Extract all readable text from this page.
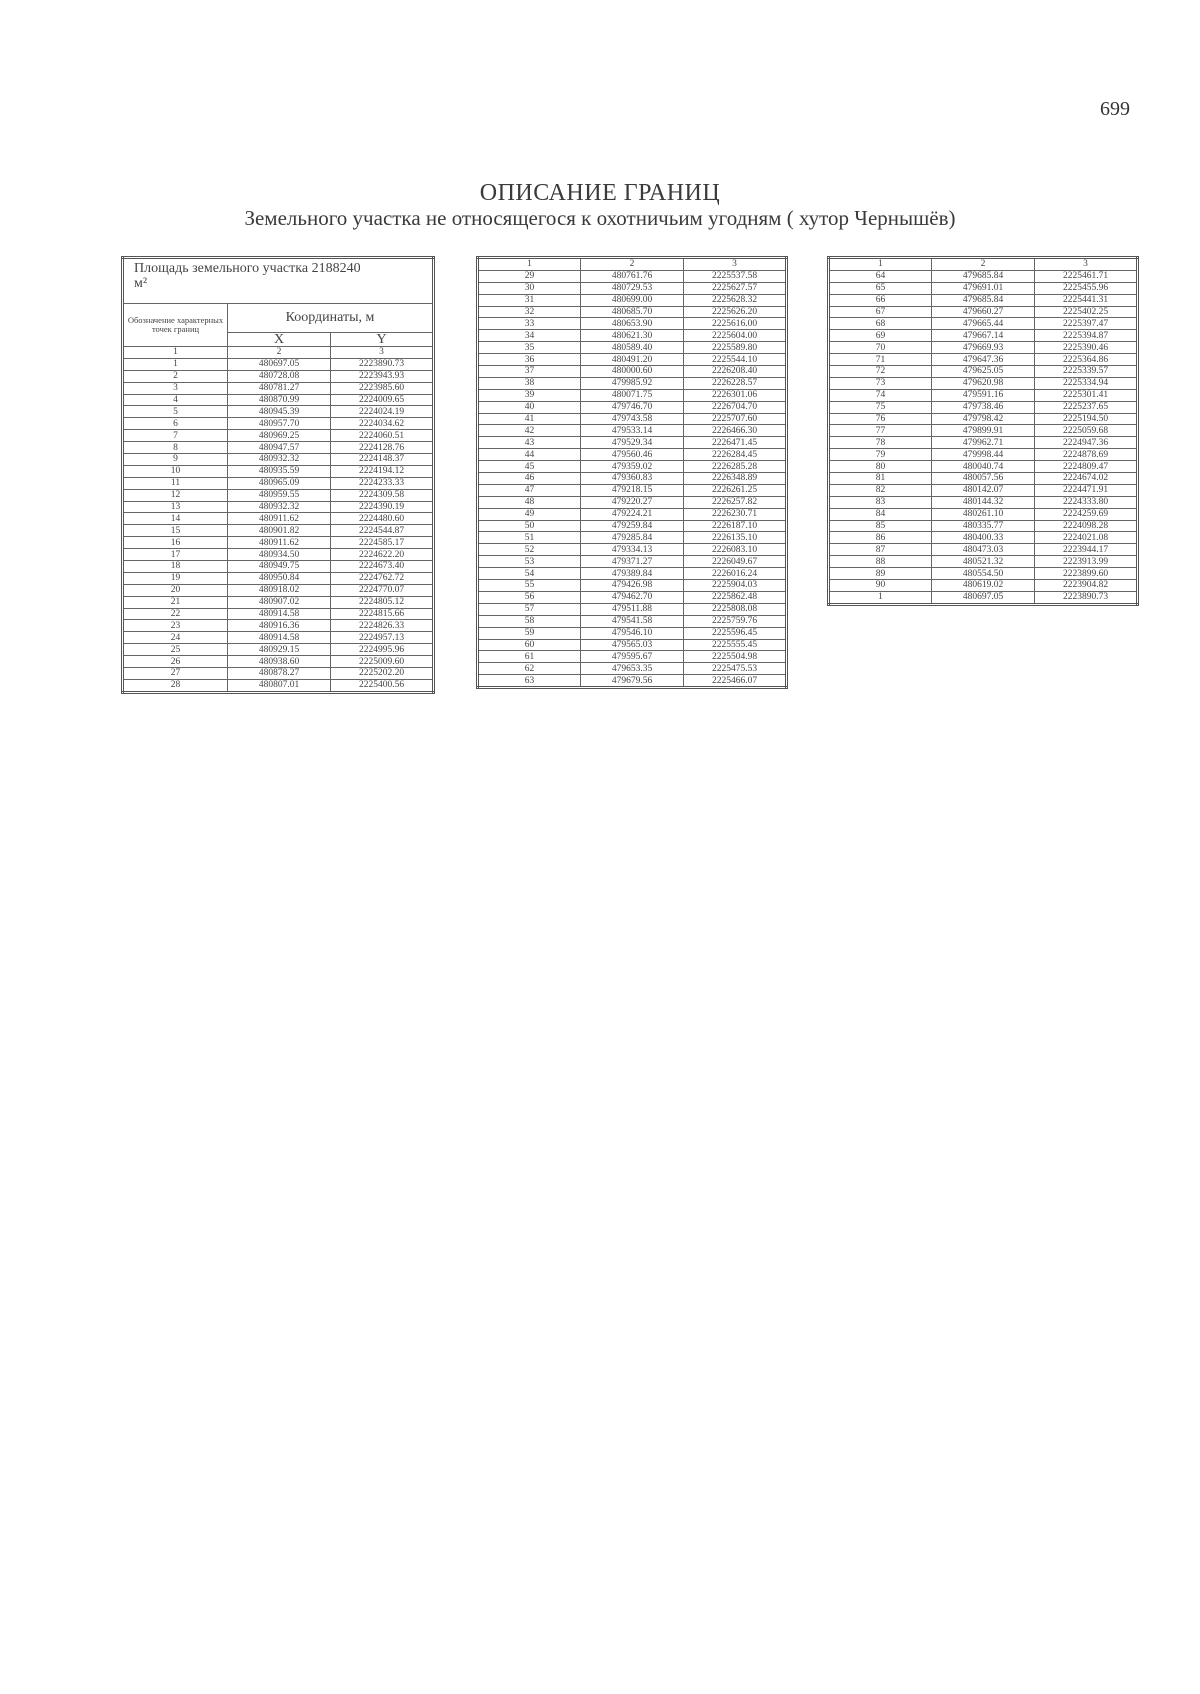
699
ОПИСАНИЕ ГРАНИЦ
Земельного участка не относящегося к охотничьим угодням ( хутор Чернышёв)
Площадь земельного участка 2188240
м²		
Обозначение характерных точек границ	Координаты, м	
	X	Y
1	2	3
1	480697.05	2223890.73
2	480728.08	2223943.93
3	480781.27	2223985.60
4	480870.99	2224009.65
5	480945.39	2224024.19
6	480957.70	2224034.62
7	480969.25	2224060.51
8	480947.57	2224128.76
9	480932.32	2224148.37
10	480935.59	2224194.12
11	480965.09	2224233.33
12	480959.55	2224309.58
13	480932.32	2224390.19
14	480911.62	2224480.60
15	480901.82	2224544.87
16	480911.62	2224585.17
17	480934.50	2224622.20
18	480949.75	2224673.40
19	480950.84	2224762.72
20	480918.02	2224770.07
21	480907.02	2224805.12
22	480914.58	2224815.66
23	480916.36	2224826.33
24	480914.58	2224957.13
25	480929.15	2224995.96
26	480938.60	2225009.60
27	480878.27	2225202.20
28	480807.01	2225400.56
1	2	3
29	480761.76	2225537.58
30	480729.53	2225627.57
31	480699.00	2225628.32
32	480685.70	2225626.20
33	480653.90	2225616.00
34	480621.30	2225604.00
35	480589.40	2225589.80
36	480491.20	2225544.10
37	480000.60	2226208.40
38	479985.92	2226228.57
39	480071.75	2226301.06
40	479746.70	2226704.70
41	479743.58	2225707.60
42	479533.14	2226466.30
43	479529.34	2226471.45
44	479560.46	2226284.45
45	479359.02	2226285.28
46	479360.83	2226348.89
47	479218.15	2226261.25
48	479220.27	2226257.82
49	479224.21	2226230.71
50	479259.84	2226187.10
51	479285.84	2226135.10
52	479334.13	2226083.10
53	479371.27	2226049.67
54	479389.84	2226016.24
55	479426.98	2225904.03
56	479462.70	2225862.48
57	479511.88	2225808.08
58	479541.58	2225759.76
59	479546.10	2225596.45
60	479565.03	2225555.45
61	479595.67	2225504.98
62	479653.35	2225475.53
63	479679.56	2225466.07
1	2	3
64	479685.84	2225461.71
65	479691.01	2225455.96
66	479685.84	2225441.31
67	479660.27	2225402.25
68	479665.44	2225397.47
69	479667.14	2225394.87
70	479669.93	2225390.46
71	479647.36	2225364.86
72	479625.05	2225339.57
73	479620.98	2225334.94
74	479591.16	2225301.41
75	479738.46	2225237.65
76	479798.42	2225194.50
77	479899.91	2225059.68
78	479962.71	2224947.36
79	479998.44	2224878.69
80	480040.74	2224809.47
81	480057.56	2224674.02
82	480142.07	2224471.91
83	480144.32	2224333.80
84	480261.10	2224259.69
85	480335.77	2224098.28
86	480400.33	2224021.08
87	480473.03	2223944.17
88	480521.32	2223913.99
89	480554.50	2223899.60
90	480619.02	2223904.82
1	480697.05	2223890.73
